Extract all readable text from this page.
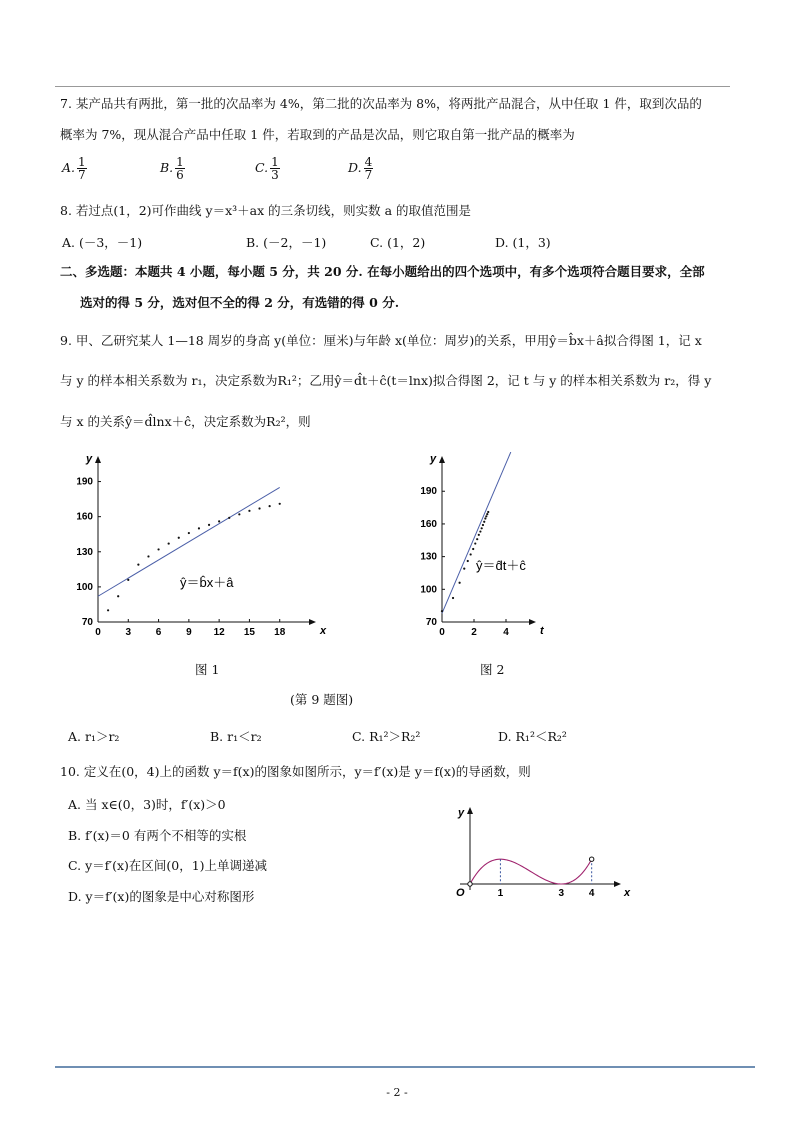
7. 某产品共有两批，第一批的次品率为 4%，第二批的次品率为 8%，将两批产品混合，从中任取 1 件，取到次品的
概率为 7%，现从混合产品中任取 1 件，若取到的产品是次品，则它取自第一批产品的概率为
A. $\frac{1}{7}$	B. $\frac{1}{6}$	C. $\frac{1}{3}$	D. $\frac{4}{7}$
8. 若过点(1，2)可作曲线 y＝x³＋ax 的三条切线，则实数 a 的取值范围是
A. (－3，－1)	B. (－2，－1)	C. (1，2)	D. (1，3)
二、多选题：本题共 4 小题，每小题 5 分，共 20 分. 在每小题给出的四个选项中，有多个选项符合题目要求，全部
选对的得 5 分，选对但不全的得 2 分，有选错的得 0 分.
9. 甲、乙研究某人 1—18 周岁的身高 y(单位：厘米)与年龄 x(单位：周岁)的关系，甲用ŷ＝b̂x＋â拟合得图 1，记 x
与 y 的样本相关系数为 r₁，决定系数为R₁²；乙用ŷ＝d̂t＋ĉ(t＝lnx)拟合得图 2，记 t 与 y 的样本相关系数为 r₂，得 y
与 x 的关系ŷ＝d̂lnx＋ĉ，决定系数为R₂²，则
x
y
0 3 6 9 12 15 18
70
100
130
160
190
ŷ＝b̂x＋â
图 1
t
y
0	2	4
70
100
130
160
190
ŷ＝d̂t＋ĉ
图 2
(第 9 题图)
A. r₁＞r₂	B. r₁＜r₂	C. R₁²＞R₂²	D. R₁²＜R₂²
10. 定义在(0，4)上的函数 y＝f(x)的图象如图所示，y＝f′(x)是 y＝f(x)的导函数，则
A. 当 x∈(0，3)时，f′(x)＞0
B. f′(x)＝0 有两个不相等的实根
C. y＝f′(x)在区间(0，1)上单调递减
D. y＝f′(x)的图象是中心对称图形	x
y
O	1	3 4
- 2 -
